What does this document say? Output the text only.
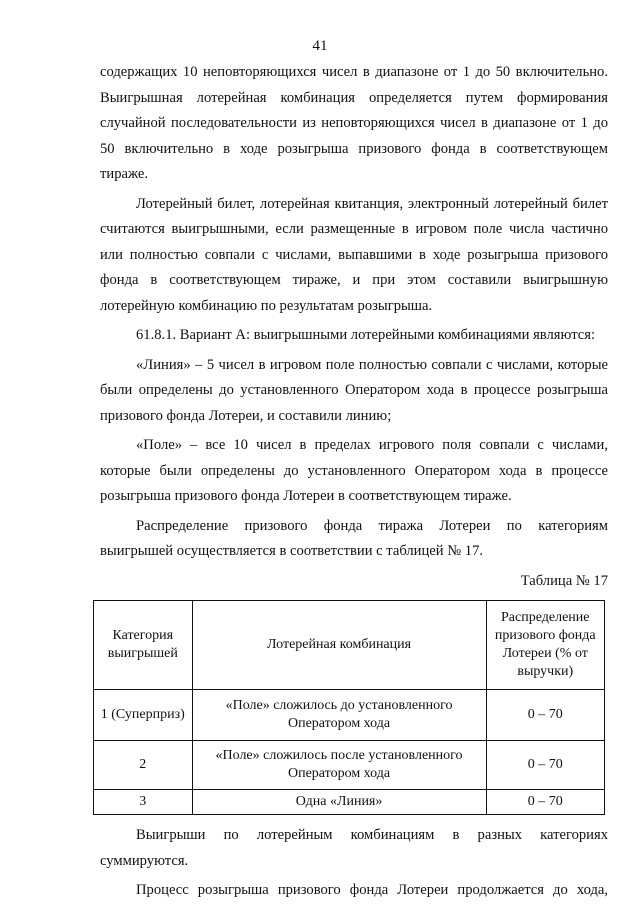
41

содержащих 10 неповторяющихся чисел в диапазоне от 1 до 50 включительно. Выигрышная лотерейная комбинация определяется путем формирования случайной последовательности из неповторяющихся чисел в диапазоне от 1 до 50 включительно в ходе розыгрыша призового фонда в соответствующем тираже.

Лотерейный билет, лотерейная квитанция, электронный лотерейный билет считаются выигрышными, если размещенные в игровом поле числа частично или полностью совпали с числами, выпавшими в ходе розыгрыша призового фонда в соответствующем тираже, и при этом составили выигрышную лотерейную комбинацию по результатам розыгрыша.

61.8.1. Вариант А: выигрышными лотерейными комбинациями являются:

«Линия» – 5 чисел в игровом поле полностью совпали с числами, которые были определены до установленного Оператором хода в процессе розыгрыша призового фонда Лотереи, и составили линию;

«Поле» – все 10 чисел в пределах игрового поля совпали с числами, которые были определены до установленного Оператором хода в процессе розыгрыша призового фонда Лотереи в соответствующем тираже.

Распределение призового фонда тиража Лотереи по категориям выигрышей осуществляется в соответствии с таблицей № 17.

Таблица № 17
Категория выигрышей	Лотерейная комбинация	Распределение призового фонда Лотереи (% от выручки)
1 (Суперприз)	«Поле» сложилось до установленного Оператором хода	0 – 70
2	«Поле» сложилось после установленного Оператором хода	0 – 70
3	Одна «Линия»	0 – 70

Выигрыши по лотерейным комбинациям в разных категориях суммируются.

Процесс розыгрыша призового фонда Лотереи продолжается до хода,
